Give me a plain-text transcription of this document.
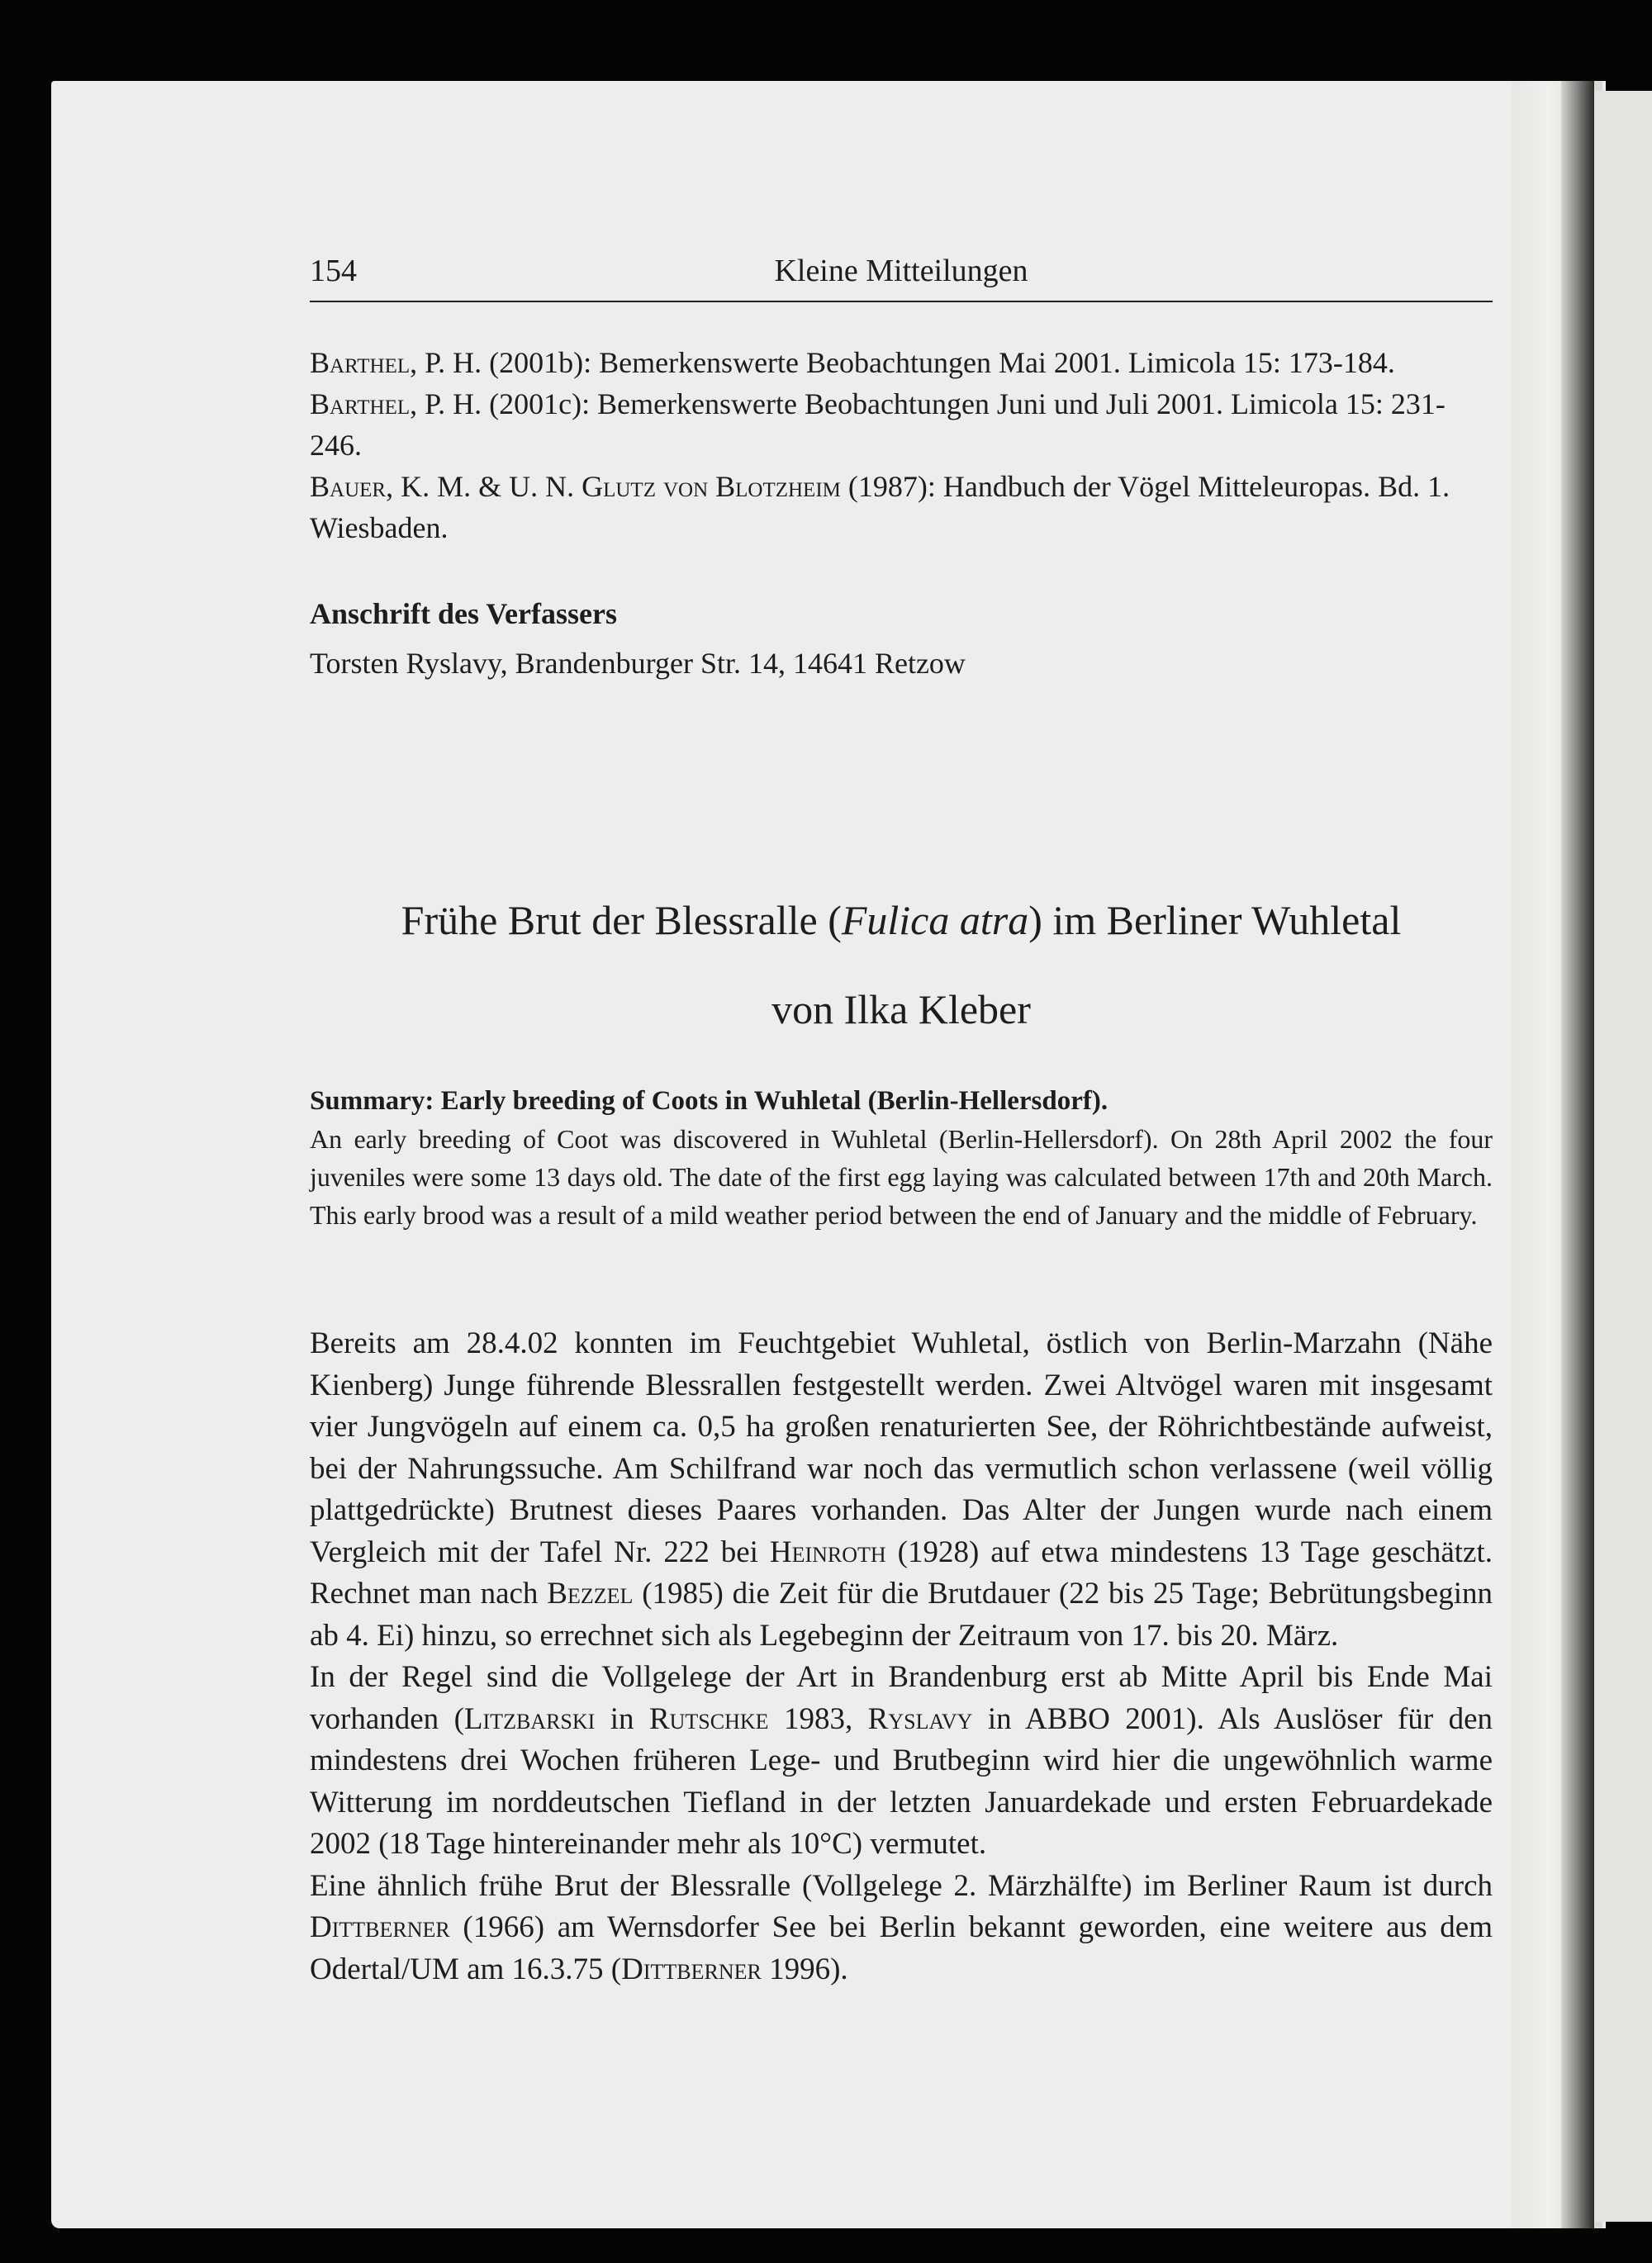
154	Kleine Mitteilungen

Barthel, P. H. (2001b): Bemerkenswerte Beobachtungen Mai 2001. Limicola 15: 173-184.

Barthel, P. H. (2001c): Bemerkenswerte Beobachtungen Juni und Juli 2001. Limicola 15: 231-246.

Bauer, K. M. & U. N. Glutz von Blotzheim (1987): Handbuch der Vögel Mitteleuropas. Bd. 1. Wiesbaden.

Anschrift des Verfassers
Torsten Ryslavy, Brandenburger Str. 14, 14641 Retzow
Frühe Brut der Blessralle (Fulica atra) im Berliner Wuhletal
von Ilka Kleber

Summary: Early breeding of Coots in Wuhletal (Berlin-Hellersdorf).

An early breeding of Coot was discovered in Wuhletal (Berlin-Hellersdorf). On 28th April 2002 the four juveniles were some 13 days old. The date of the first egg laying was calculated between 17th and 20th March. This early brood was a result of a mild weather period between the end of January and the middle of February.

Bereits am 28.4.02 konnten im Feuchtgebiet Wuhletal, östlich von Berlin-Marzahn (Nähe Kienberg) Junge führende Blessrallen festgestellt werden. Zwei Altvögel waren mit insgesamt vier Jungvögeln auf einem ca. 0,5 ha großen renaturierten See, der Röhrichtbestände aufweist, bei der Nahrungssuche. Am Schilfrand war noch das vermutlich schon verlassene (weil völlig plattgedrückte) Brutnest dieses Paares vorhanden. Das Alter der Jungen wurde nach einem Vergleich mit der Tafel Nr. 222 bei Heinroth (1928) auf etwa mindestens 13 Tage geschätzt. Rechnet man nach Bezzel (1985) die Zeit für die Brutdauer (22 bis 25 Tage; Bebrütungsbeginn ab 4. Ei) hinzu, so errechnet sich als Legebeginn der Zeitraum von 17. bis 20. März.

In der Regel sind die Vollgelege der Art in Brandenburg erst ab Mitte April bis Ende Mai vorhanden (Litzbarski in Rutschke 1983, Ryslavy in ABBO 2001). Als Auslöser für den mindestens drei Wochen früheren Lege- und Brutbeginn wird hier die ungewöhnlich warme Witterung im norddeutschen Tiefland in der letzten Januardekade und ersten Februardekade 2002 (18 Tage hintereinander mehr als 10°C) vermutet.

Eine ähnlich frühe Brut der Blessralle (Vollgelege 2. Märzhälfte) im Berliner Raum ist durch Dittberner (1966) am Wernsdorfer See bei Berlin bekannt geworden, eine weitere aus dem Odertal/UM am 16.3.75 (Dittberner 1996).
